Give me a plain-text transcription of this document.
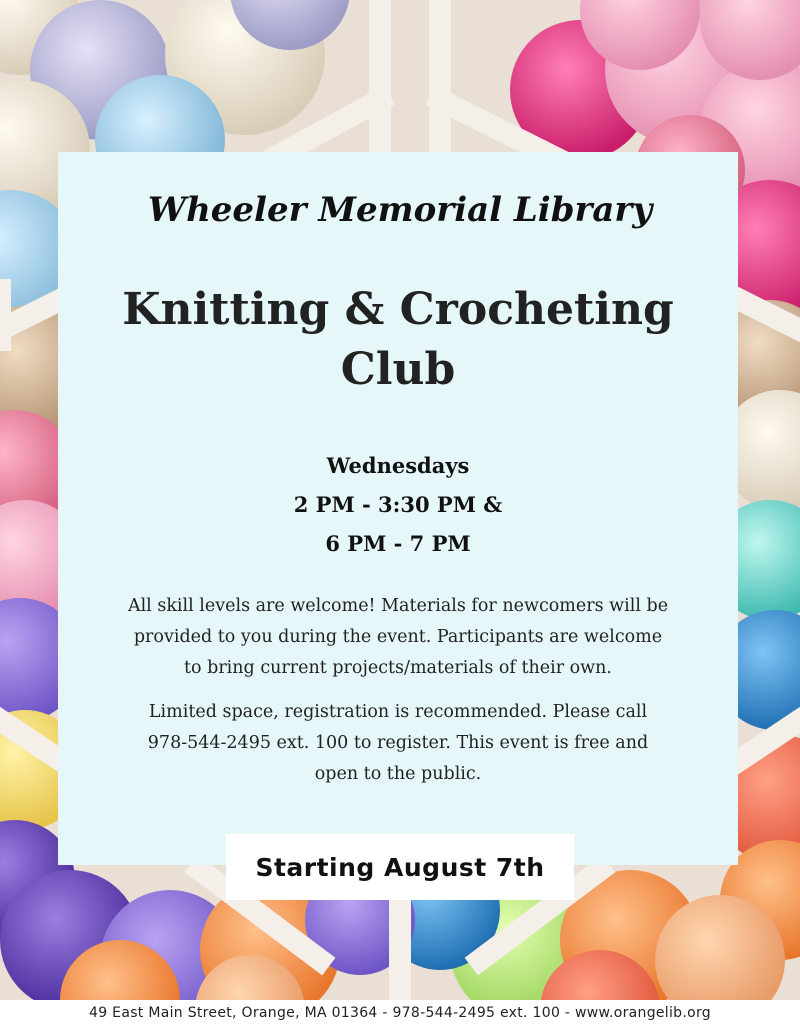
Wheeler Memorial Library
Knitting & Crocheting
Club
Wednesdays
2 PM - 3:30 PM &
6 PM - 7 PM
All skill levels are welcome! Materials for newcomers will be
provided to you during the event. Participants are welcome
to bring current projects/materials of their own.
Limited space, registration is recommended. Please call
978-544-2495 ext. 100 to register. This event is free and
open to the public.
Starting August 7th
49 East Main Street, Orange, MA 01364 - 978-544-2495 ext. 100 - www.orangelib.org
